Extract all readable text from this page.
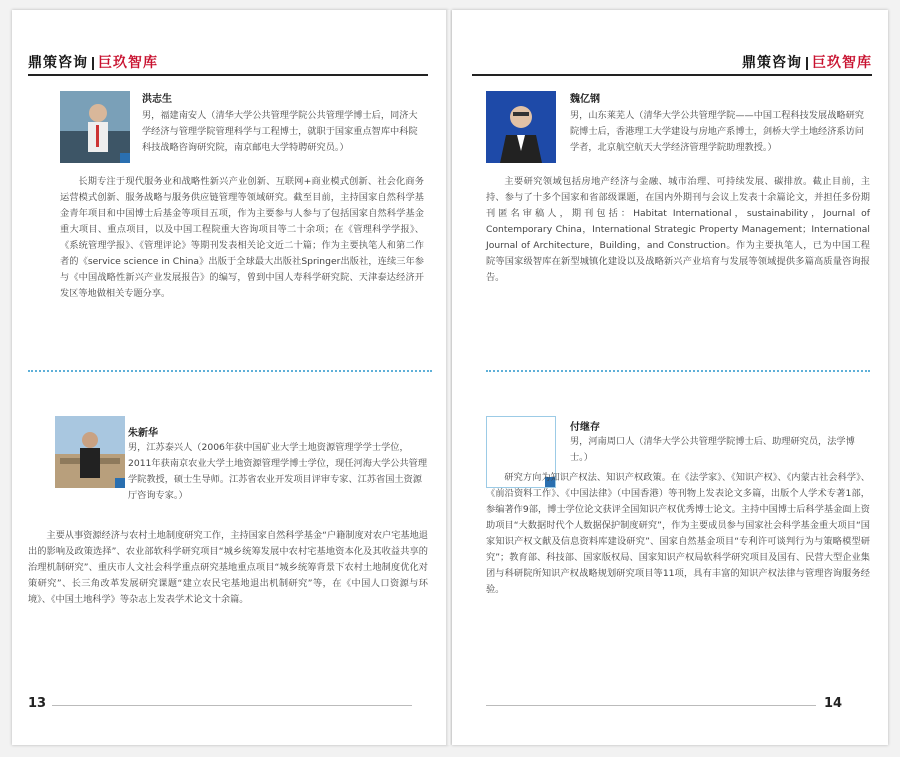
鼎策咨询 巨玖智库
洪志生
男，福建南安人（清华大学公共管理学院公共管理学博士后，同济大学经济与管理学院管理科学与工程博士，就职于国家重点智库中科院科技战略咨询研究院，南京邮电大学特聘研究员。）
长期专注于现代服务业和战略性新兴产业创新、互联网+商业模式创新、社会化商务运营模式创新、服务战略与服务供应链管理等领域研究。截至目前，主持国家自然科学基金青年项目和中国博士后基金等项目五项，作为主要参与人参与了包括国家自然科学基金重大项目、重点项目，以及中国工程院重大咨询项目等二十余项；在《管理科学学报》、《系统管理学报》、《管理评论》等期刊发表相关论文近二十篇；作为主要执笔人和第二作者的《service science in China》出版于全球最大出版社Springer出版社，连续三年参与《中国战略性新兴产业发展报告》的编写，曾到中国人寿科学研究院、天津泰达经济开发区等地做相关专题分享。
朱新华
男，江苏泰兴人（2006年获中国矿业大学土地资源管理学学士学位，2011年获南京农业大学土地资源管理学博士学位，现任河海大学公共管理学院教授，硕士生导师。江苏省农业开发项目评审专家、江苏省国土资源厅咨询专家。）
主要从事资源经济与农村土地制度研究工作，主持国家自然科学基金“户籍制度对农户宅基地退出的影响及政策选择”、农业部软科学研究项目“城乡统筹发展中农村宅基地资本化及其收益共享的治理机制研究”、重庆市人文社会科学重点研究基地重点项目“城乡统筹背景下农村土地制度优化对策研究”、长三角改革发展研究课题“建立农民宅基地退出机制研究”等，在《中国人口资源与环境》、《中国土地科学》等杂志上发表学术论文十余篇。
13
鼎策咨询 巨玖智库
魏亿钢
男，山东莱芜人（清华大学公共管理学院——中国工程科技发展战略研究院博士后，香港理工大学建设与房地产系博士，剑桥大学土地经济系访问学者，北京航空航天大学经济管理学院助理教授。）
主要研究领域包括房地产经济与金融、城市治理、可持续发展、碳排放。截止目前，主持、参与了十多个国家和省部级课题，在国内外期刊与会议上发表十余篇论文，并担任多份期刊匿名审稿人，期刊包括：Habitat International，sustainability，Journal of Contemporary China，International Strategic Property Management；International Journal of Architecture，Building，and Construction。作为主要执笔人，已为中国工程院等国家级智库在新型城镇化建设以及战略新兴产业培育与发展等领域提供多篇高质量咨询报告。
付继存
男，河南周口人（清华大学公共管理学院博士后、助理研究员，法学博士。）
研究方向为知识产权法、知识产权政策。在《法学家》、《知识产权》、《内蒙古社会科学》、《前沿资料工作》、《中国法律》（中国香港）等刊物上发表论文多篇，出版个人学术专著1部，参编著作9部，博士学位论文获评全国知识产权优秀博士论文。主持中国博士后科学基金面上资助项目“大数据时代个人数据保护制度研究”，作为主要成员参与国家社会科学基金重大项目“国家知识产权文献及信息资料库建设研究”、国家自然基金项目“专利许可谈判行为与策略模型研究”；教育部、科技部、国家版权局、国家知识产权局软科学研究项目及国有、民营大型企业集团与科研院所知识产权战略规划研究项目等11项，具有丰富的知识产权法律与管理咨询服务经验。
14
